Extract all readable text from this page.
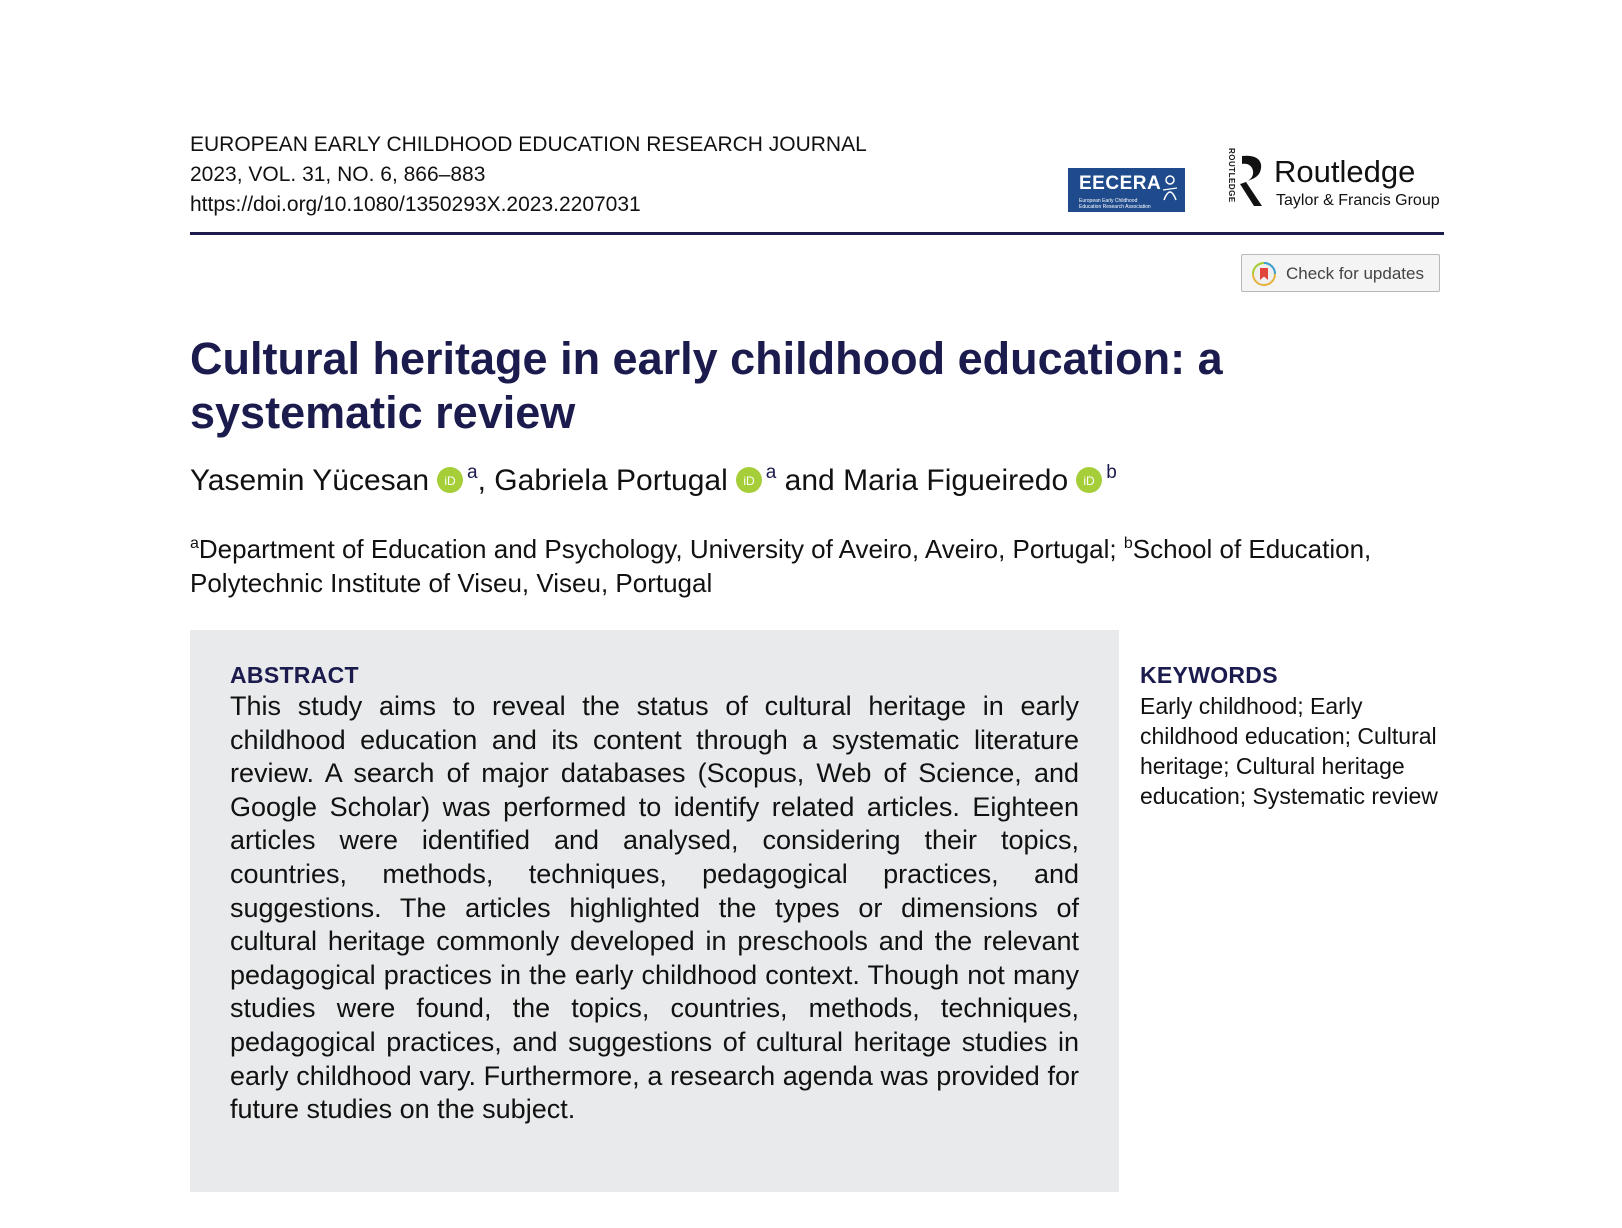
EUROPEAN EARLY CHILDHOOD EDUCATION RESEARCH JOURNAL
2023, VOL. 31, NO. 6, 866–883
https://doi.org/10.1080/1350293X.2023.2207031
EECERA
European Early Childhood Education Research Association
ROUTLEDGE Routledge
Taylor & Francis Group
Check for updates
Cultural heritage in early childhood education: a systematic review
Yasemin Yücesan iD $^a$, Gabriela Portugal iD $^a$ and Maria Figueiredo iD $^b$
$^a$Department of Education and Psychology, University of Aveiro, Aveiro, Portugal; $^b$School of Education, Polytechnic Institute of Viseu, Viseu, Portugal
ABSTRACT

This study aims to reveal the status of cultural heritage in early childhood education and its content through a systematic literature review. A search of major databases (Scopus, Web of Science, and Google Scholar) was performed to identify related articles. Eighteen articles were identified and analysed, considering their topics, countries, methods, techniques, pedagogical practices, and suggestions. The articles highlighted the types or dimensions of cultural heritage commonly developed in preschools and the relevant pedagogical practices in the early childhood context. Though not many studies were found, the topics, countries, methods, techniques, pedagogical practices, and suggestions of cultural heritage studies in early childhood vary. Furthermore, a research agenda was provided for future studies on the subject.

KEYWORDS
Early childhood; Early childhood education; Cultural heritage; Cultural heritage education; Systematic review
